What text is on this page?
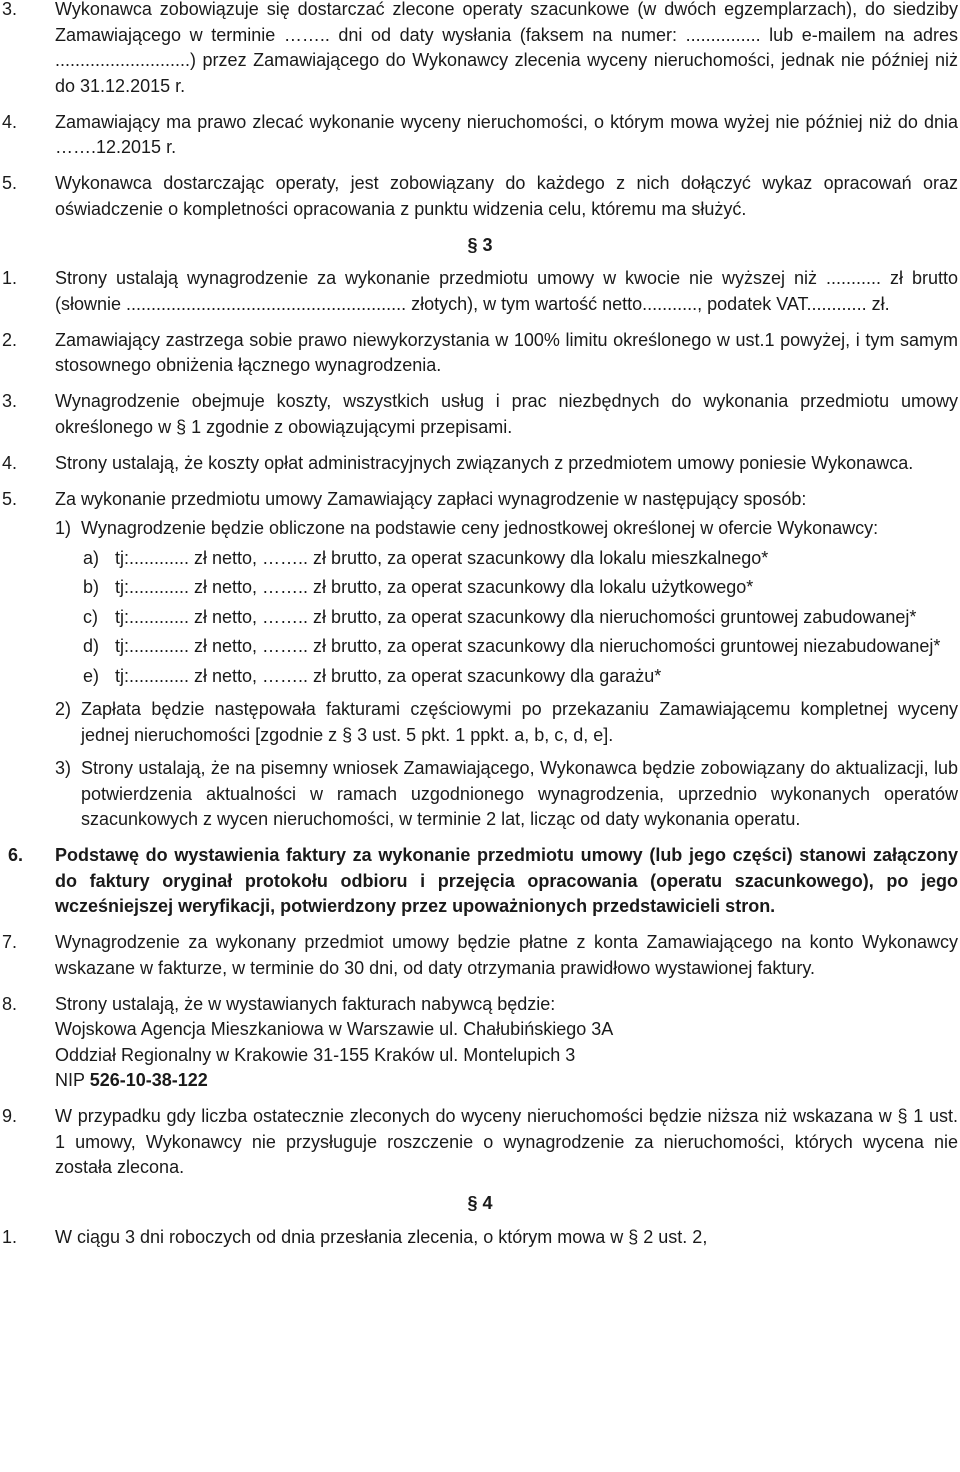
3.	Wykonawca zobowiązuje się dostarczać zlecone operaty szacunkowe (w dwóch egzemplarzach), do siedziby Zamawiającego w terminie …….. dni od daty wysłania (faksem na numer: ............... lub e-mailem na adres ...........................) przez Zamawiającego do Wykonawcy zlecenia wyceny nieruchomości, jednak nie później niż do 31.12.2015 r.

4.	Zamawiający ma prawo zlecać wykonanie wyceny nieruchomości, o którym mowa wyżej nie później niż do dnia …….12.2015 r.

5.	Wykonawca dostarczając operaty, jest zobowiązany do każdego z nich dołączyć wykaz opracowań oraz oświadczenie o kompletności opracowania z punktu widzenia celu, któremu ma służyć.

§ 3
1.	Strony ustalają wynagrodzenie za wykonanie przedmiotu umowy w kwocie nie wyższej niż ........... zł brutto (słownie ........................................................ złotych), w tym wartość netto..........., podatek VAT............ zł.

2.	Zamawiający zastrzega sobie prawo niewykorzystania w 100% limitu określonego w ust.1 powyżej, i tym samym stosownego obniżenia łącznego wynagrodzenia.

3.	Wynagrodzenie obejmuje koszty, wszystkich usług i prac niezbędnych do wykonania przedmiotu umowy określonego w § 1 zgodnie z obowiązującymi przepisami.

4.	Strony ustalają, że koszty opłat administracyjnych związanych z przedmiotem umowy poniesie Wykonawca.

5.	Za wykonanie przedmiotu umowy Zamawiający zapłaci wynagrodzenie w następujący sposób:

1) Wynagrodzenie będzie obliczone na podstawie ceny jednostkowej określonej w ofercie Wykonawcy:

a) tj:............ zł netto, …….. zł brutto, za operat szacunkowy dla lokalu mieszkalnego*
b) tj:............ zł netto, …….. zł brutto, za operat szacunkowy dla lokalu użytkowego*
c) tj:............ zł netto, …….. zł brutto, za operat szacunkowy dla nieruchomości gruntowej zabudowanej*
d) tj:............ zł netto, …….. zł brutto, za operat szacunkowy dla nieruchomości gruntowej niezabudowanej*
e) tj:............ zł netto, …….. zł brutto, za operat szacunkowy dla garażu*
2) Zapłata będzie następowała fakturami częściowymi po przekazaniu Zamawiającemu kompletnej wyceny jednej nieruchomości [zgodnie z § 3 ust. 5 pkt. 1 ppkt. a, b, c, d, e].
3) Strony ustalają, że na pisemny wniosek Zamawiającego, Wykonawca będzie zobowiązany do aktualizacji, lub potwierdzenia aktualności w ramach uzgodnionego wynagrodzenia, uprzednio wykonanych operatów szacunkowych z wycen nieruchomości, w terminie 2 lat, licząc od daty wykonania operatu.
6.	Podstawę do wystawienia faktury za wykonanie przedmiotu umowy (lub jego części) stanowi załączony do faktury oryginał protokołu odbioru i przejęcia opracowania (operatu szacunkowego), po jego wcześniejszej weryfikacji, potwierdzony przez upoważnionych przedstawicieli stron.

7.	Wynagrodzenie za wykonany przedmiot umowy będzie płatne z konta Zamawiającego na konto Wykonawcy wskazane w fakturze, w terminie do 30 dni, od daty otrzymania prawidłowo wystawionej faktury.

8.	Strony ustalają, że w wystawianych fakturach nabywcą będzie:

Wojskowa Agencja Mieszkaniowa w Warszawie ul. Chałubińskiego 3A

Oddział Regionalny w Krakowie 31-155 Kraków ul. Montelupich 3

NIP 526-10-38-122

9.	W przypadku gdy liczba ostatecznie zleconych do wyceny nieruchomości będzie niższa niż wskazana w § 1 ust. 1 umowy, Wykonawcy nie przysługuje roszczenie o wynagrodzenie za nieruchomości, których wycena nie została zlecona.

§ 4
1.	W ciągu 3 dni roboczych od dnia przesłania zlecenia, o którym mowa w § 2 ust. 2,
